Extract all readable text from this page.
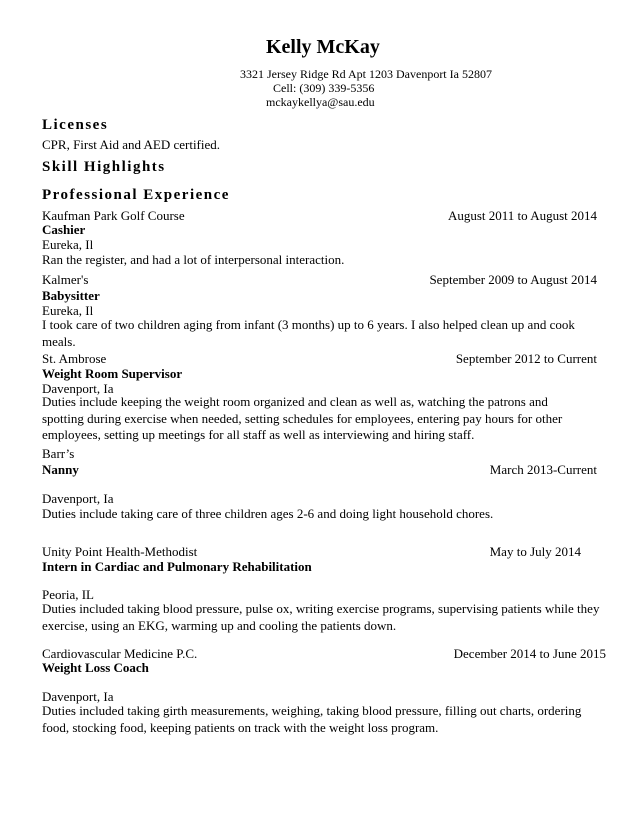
Kelly McKay
3321 Jersey Ridge Rd Apt 1203 Davenport Ia 52807
Cell: (309) 339-5356
mckaykellya@sau.edu
Licenses
CPR, First Aid and AED certified.
Skill Highlights
Professional Experience
Kaufman Park Golf Course	August 2011 to August 2014
Cashier
Eureka, Il
Ran the register, and had a lot of interpersonal interaction.
Kalmer's	September 2009 to August 2014
Babysitter
Eureka, Il
I took care of two children aging from infant (3 months) up to 6 years. I also helped clean up and cook meals.
St. Ambrose	September 2012 to Current
Weight Room Supervisor
Davenport, Ia
Duties include keeping the weight room organized and clean as well as, watching the patrons and spotting during exercise when needed, setting schedules for employees, entering pay hours for other employees, setting up meetings for all staff as well as interviewing and hiring staff.
Barr’s
Nanny	March 2013-Current
Davenport, Ia
Duties include taking care of three children ages 2-6 and doing light household chores.
Unity Point Health-Methodist	May to July 2014
Intern in Cardiac and Pulmonary Rehabilitation
Peoria, IL
Duties included taking blood pressure, pulse ox, writing exercise programs, supervising patients while they exercise, using an EKG, warming up and cooling the patients down.
Cardiovascular Medicine P.C.	December 2014 to June 2015
Weight Loss Coach
Davenport, Ia
Duties included taking girth measurements, weighing, taking blood pressure, filling out charts, ordering food, stocking food, keeping patients on track with the weight loss program.
